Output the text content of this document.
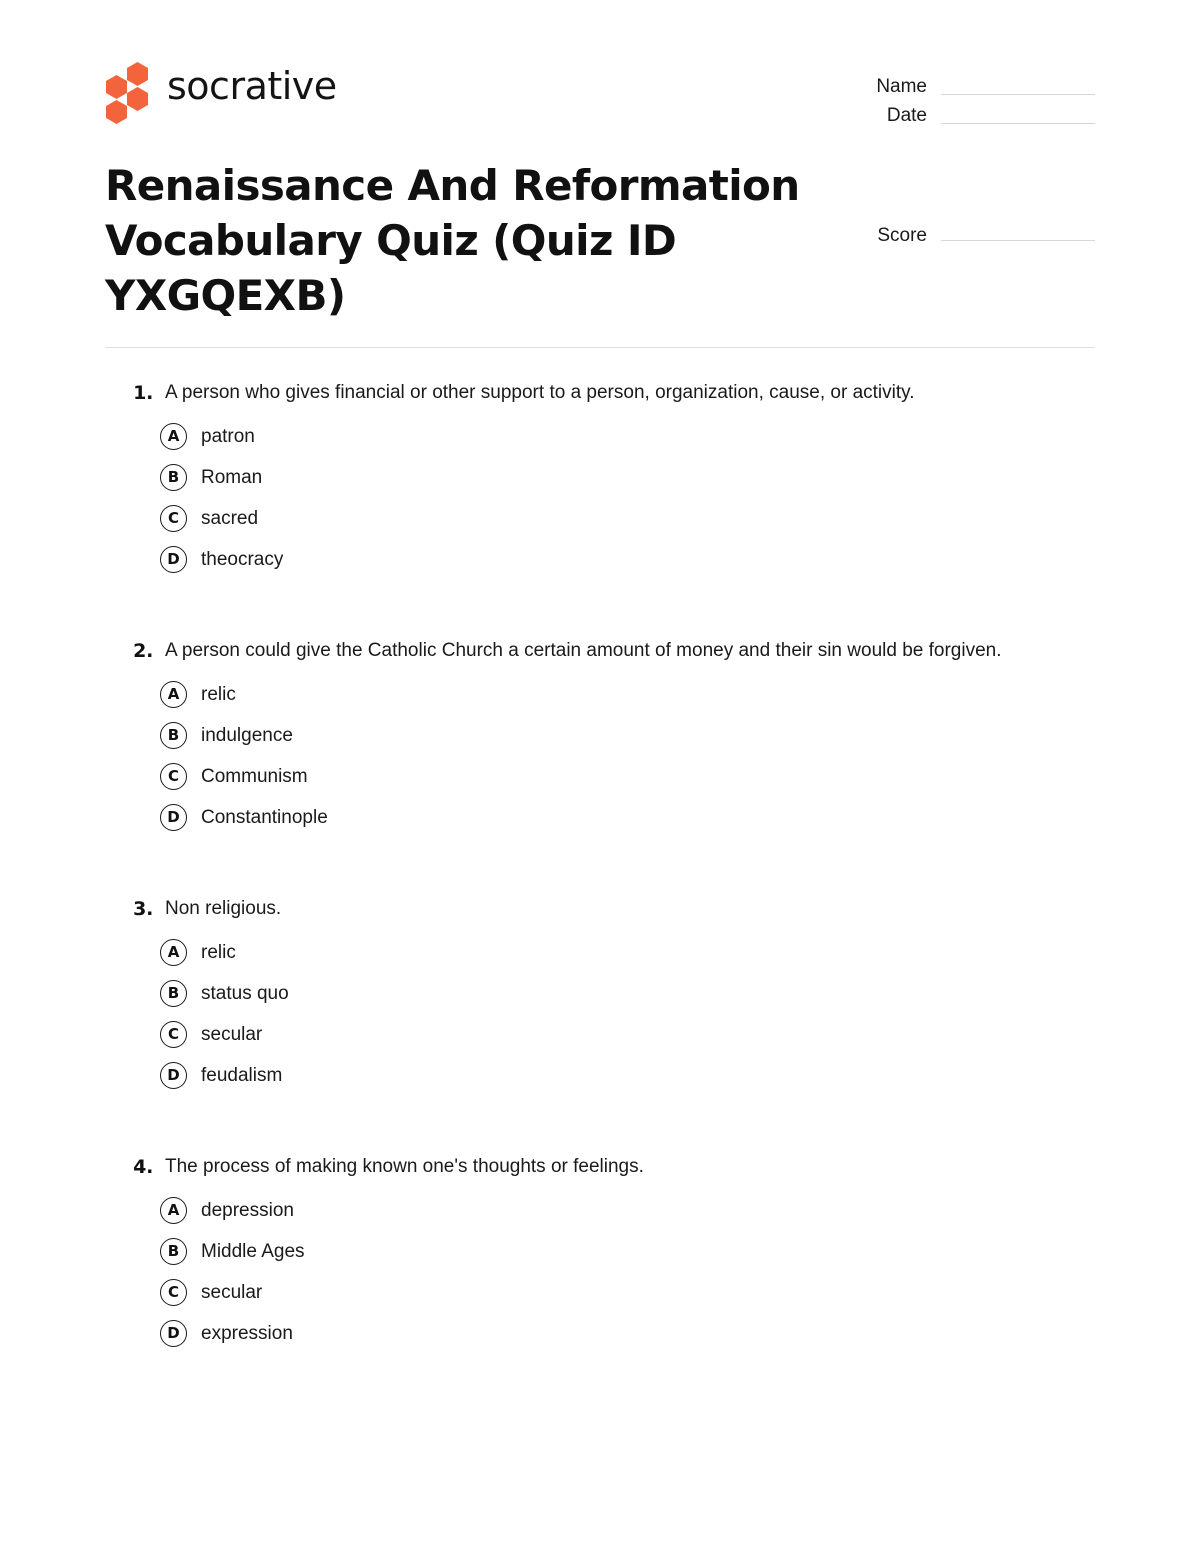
socrative	Name
Date
Score
Renaissance And Reformation Vocabulary Quiz (Quiz ID YXGQEXB)
1. A person who gives financial or other support to a person, organization, cause, or activity.
A	patron
B	Roman
C	sacred
D	theocracy
2. A person could give the Catholic Church a certain amount of money and their sin would be forgiven.
A	relic
B	indulgence
C	Communism
D	Constantinople
3. Non religious.
A	relic
B	status quo
C	secular
D	feudalism
4. The process of making known one's thoughts or feelings.
A	depression
B	Middle Ages
C	secular
D	expression
